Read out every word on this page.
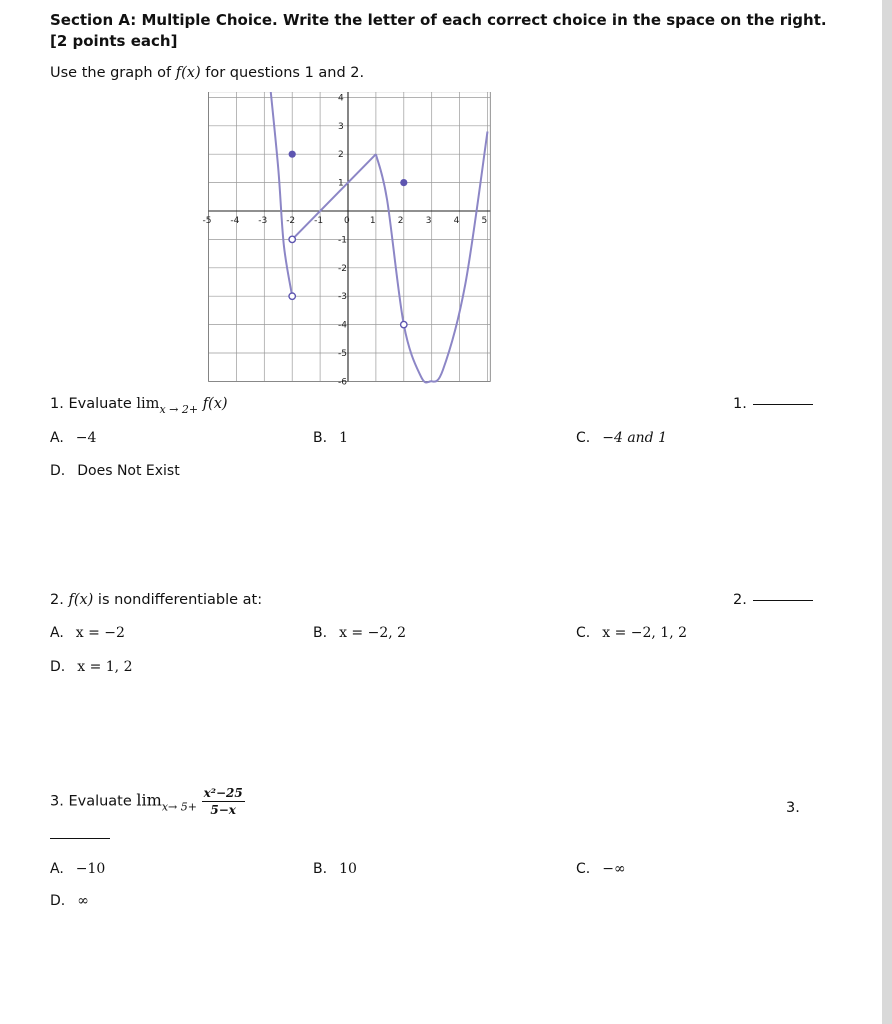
Section A: Multiple Choice. Write the letter of each correct choice in the space on the right. [2 points each]
Use the graph of f(x) for questions 1 and 2.
-5 -4 -3 -2 -1 0 1 2 3 4 5
4
3
2
1
-1
-2
-3
-4
-5
-6
1. Evaluate $\lim_{x \to 2+} f(x)$	1.
A. −4	B. 1	C. −4 and 1
D. Does Not Exist
2. f(x) is nondifferentiable at:	2.
A. x = −2	B. x = −2, 2	C. x = −2, 1, 2
D. x = 1, 2
3. Evaluate $\lim_{x\to 5+} \frac{\text{x²−25}}{5-x}$	3.
A. −10	B. 10	C. −∞
D. ∞
